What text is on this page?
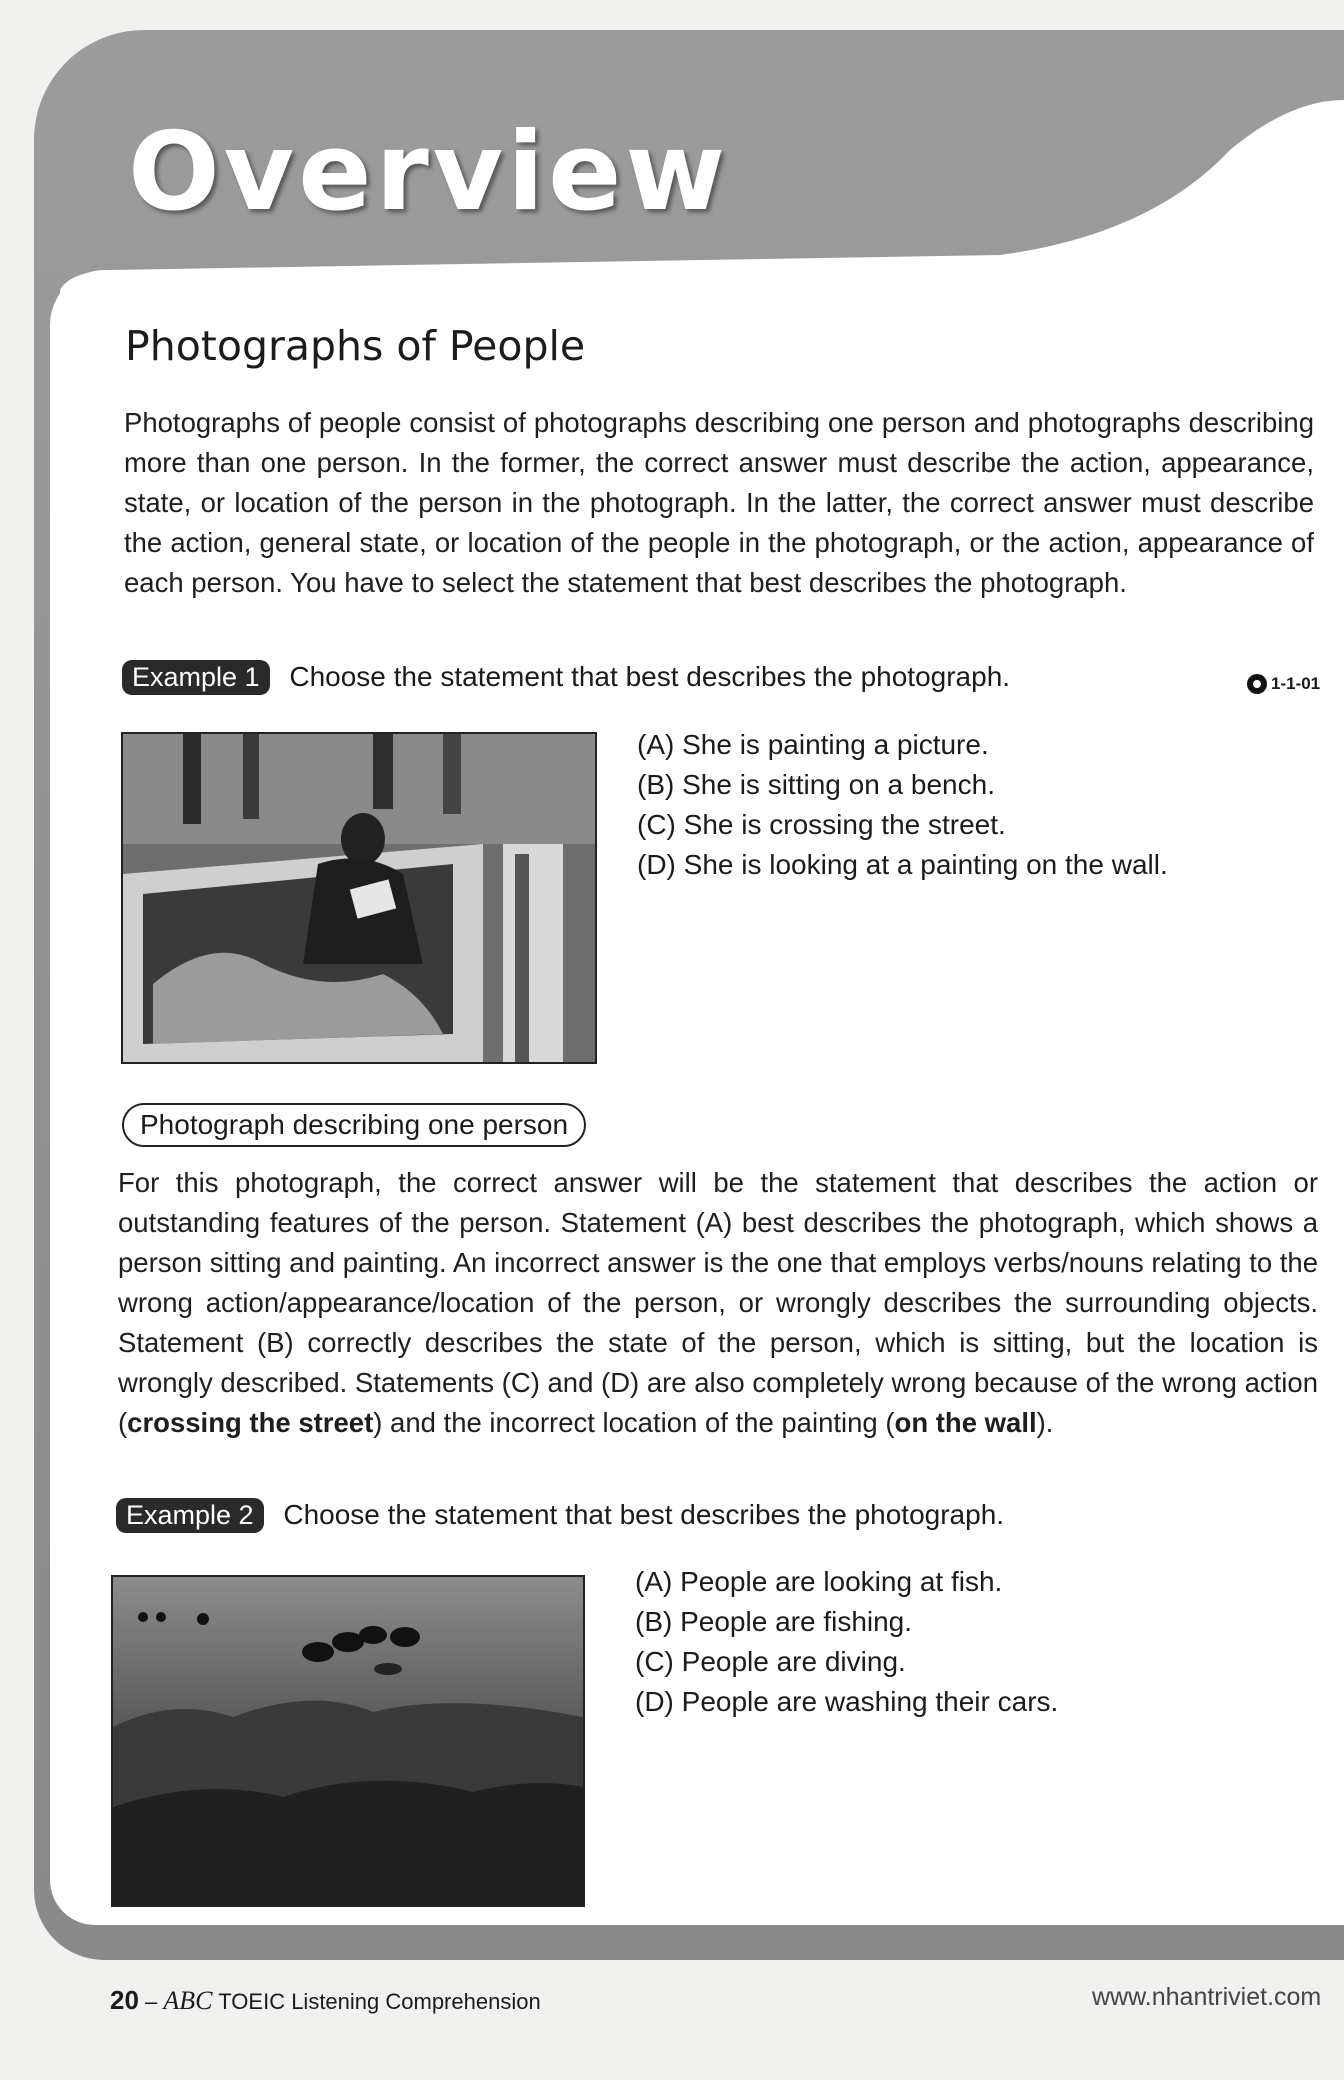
Overview
Photographs of People

Photographs of people consist of photographs describing one person and photographs describing more than one person. In the former, the correct answer must describe the action, appearance, state, or location of the person in the photograph. In the latter, the correct answer must describe the action, general state, or location of the people in the photograph, or the action, appearance of each person. You have to select the statement that best describes the photograph.

Example 1 Choose the statement that best describes the photograph.	1-1-01
(A) She is painting a picture.
(B) She is sitting on a bench.
(C) She is crossing the street.
(D) She is looking at a painting on the wall.
Photograph describing one person

For this photograph, the correct answer will be the statement that describes the action or outstanding features of the person. Statement (A) best describes the photograph, which shows a person sitting and painting. An incorrect answer is the one that employs verbs/nouns relating to the wrong action/appearance/location of the person, or wrongly describes the surrounding objects. Statement (B) correctly describes the state of the person, which is sitting, but the location is wrongly described. Statements (C) and (D) are also completely wrong because of the wrong action (crossing the street) and the incorrect location of the painting (on the wall).

Example 2 Choose the statement that best describes the photograph.
(A) People are looking at fish.
(B) People are fishing.
(C) People are diving.
(D) People are washing their cars.
20 – ABC TOEIC Listening Comprehension	www.nhantriviet.com
